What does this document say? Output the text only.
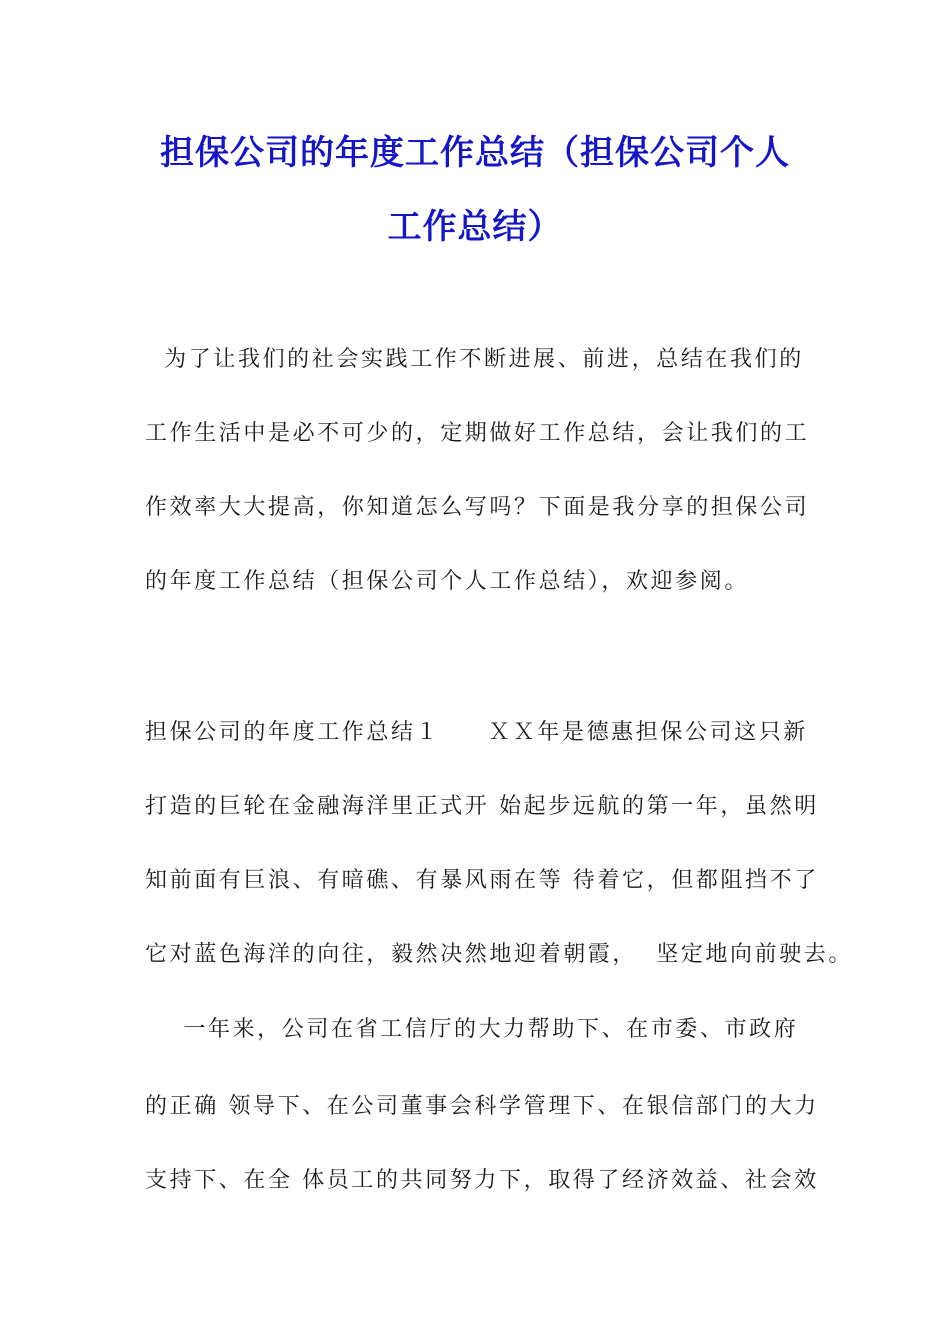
担保公司的年度工作总结（担保公司个人
工作总结）
为了让我们的社会实践工作不断进展、前进，总结在我们的
工作生活中是必不可少的，定期做好工作总结，会让我们的工
作效率大大提高，你知道怎么写吗？下面是我分享的担保公司
的年度工作总结（担保公司个人工作总结），欢迎参阅。
担保公司的年度工作总结１     ＸＸ年是德惠担保公司这只新
打造的巨轮在金融海洋里正式开 始起步远航的第一年，虽然明
知前面有巨浪、有暗礁、有暴风雨在等 待着它，但都阻挡不了
它对蓝色海洋的向往，毅然决然地迎着朝霞，  坚定地向前驶去。
一年来，公司在省工信厅的大力帮助下、在市委、市政府
的正确 领导下、在公司董事会科学管理下、在银信部门的大力
支持下、在全 体员工的共同努力下，取得了经济效益、社会效
